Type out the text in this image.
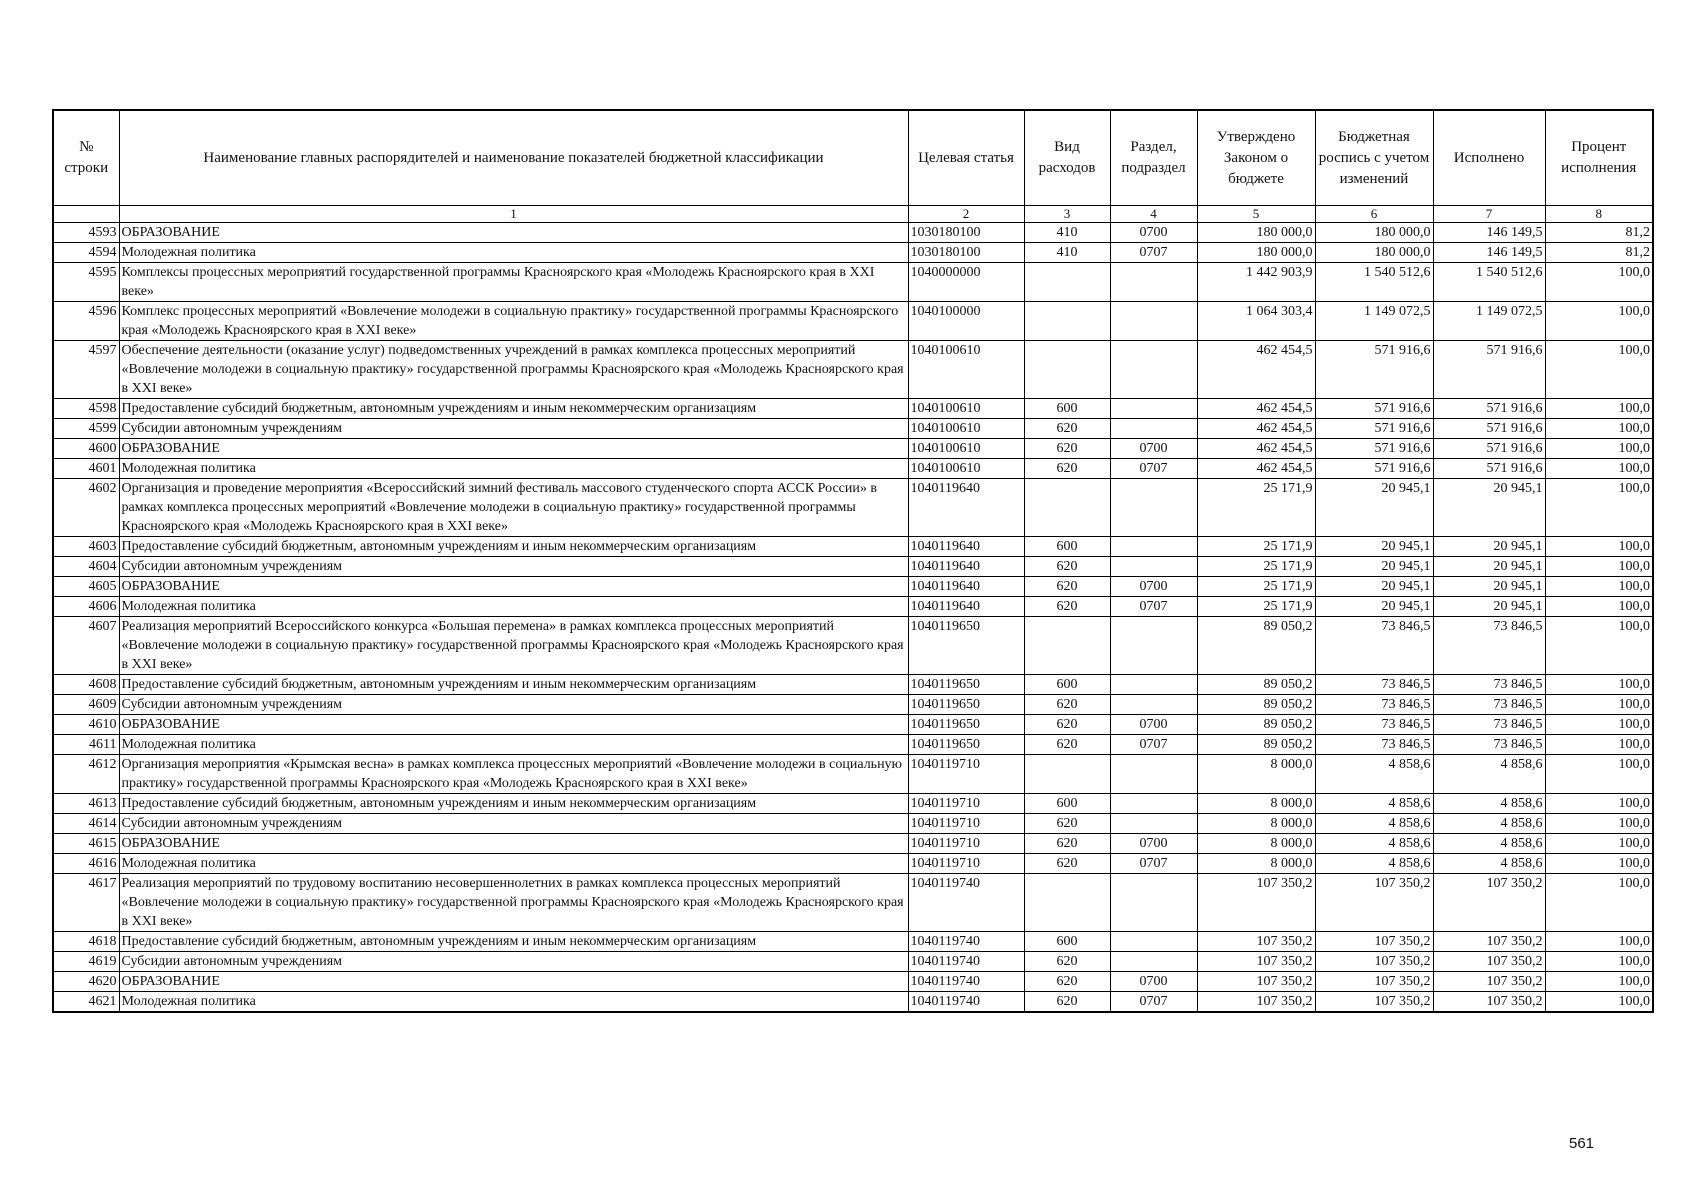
№ строки	Наименование главных распорядителей и наименование показателей бюджетной классификации	Целевая статья	Вид расходов	Раздел, подраздел	Утверждено Законом о бюджете	Бюджетная роспись с учетом изменений	Исполнено	Процент исполнения
	1	2	3	4	5	6	7	8
4593	ОБРАЗОВАНИЕ	1030180100	410	0700	180 000,0	180 000,0	146 149,5	81,2
4594	Молодежная политика	1030180100	410	0707	180 000,0	180 000,0	146 149,5	81,2
4595	Комплексы процессных мероприятий государственной программы Красноярского края «Молодежь Красноярского края в XXI веке»	1040000000			1 442 903,9	1 540 512,6	1 540 512,6	100,0
4596	Комплекс процессных мероприятий «Вовлечение молодежи в социальную практику» государственной программы Красноярского края «Молодежь Красноярского края в XXI веке»	1040100000			1 064 303,4	1 149 072,5	1 149 072,5	100,0
4597	Обеспечение деятельности (оказание услуг) подведомственных учреждений в рамках комплекса процессных мероприятий «Вовлечение молодежи в социальную практику» государственной программы Красноярского края «Молодежь Красноярского края в XXI веке»	1040100610			462 454,5	571 916,6	571 916,6	100,0
4598	Предоставление субсидий бюджетным, автономным учреждениям и иным некоммерческим организациям	1040100610	600		462 454,5	571 916,6	571 916,6	100,0
4599	Субсидии автономным учреждениям	1040100610	620		462 454,5	571 916,6	571 916,6	100,0
4600	ОБРАЗОВАНИЕ	1040100610	620	0700	462 454,5	571 916,6	571 916,6	100,0
4601	Молодежная политика	1040100610	620	0707	462 454,5	571 916,6	571 916,6	100,0
4602	Организация и проведение мероприятия «Всероссийский зимний фестиваль массового студенческого спорта АССК России» в рамках комплекса процессных мероприятий «Вовлечение молодежи в социальную практику» государственной программы Красноярского края «Молодежь Красноярского края в XXI веке»	1040119640			25 171,9	20 945,1	20 945,1	100,0
4603	Предоставление субсидий бюджетным, автономным учреждениям и иным некоммерческим организациям	1040119640	600		25 171,9	20 945,1	20 945,1	100,0
4604	Субсидии автономным учреждениям	1040119640	620		25 171,9	20 945,1	20 945,1	100,0
4605	ОБРАЗОВАНИЕ	1040119640	620	0700	25 171,9	20 945,1	20 945,1	100,0
4606	Молодежная политика	1040119640	620	0707	25 171,9	20 945,1	20 945,1	100,0
4607	Реализация мероприятий Всероссийского конкурса «Большая перемена» в рамках комплекса процессных мероприятий «Вовлечение молодежи в социальную практику» государственной программы Красноярского края «Молодежь Красноярского края в XXI веке»	1040119650			89 050,2	73 846,5	73 846,5	100,0
4608	Предоставление субсидий бюджетным, автономным учреждениям и иным некоммерческим организациям	1040119650	600		89 050,2	73 846,5	73 846,5	100,0
4609	Субсидии автономным учреждениям	1040119650	620		89 050,2	73 846,5	73 846,5	100,0
4610	ОБРАЗОВАНИЕ	1040119650	620	0700	89 050,2	73 846,5	73 846,5	100,0
4611	Молодежная политика	1040119650	620	0707	89 050,2	73 846,5	73 846,5	100,0
4612	Организация мероприятия «Крымская весна» в рамках комплекса процессных мероприятий «Вовлечение молодежи в социальную практику» государственной программы Красноярского края «Молодежь Красноярского края в XXI веке»	1040119710			8 000,0	4 858,6	4 858,6	100,0
4613	Предоставление субсидий бюджетным, автономным учреждениям и иным некоммерческим организациям	1040119710	600		8 000,0	4 858,6	4 858,6	100,0
4614	Субсидии автономным учреждениям	1040119710	620		8 000,0	4 858,6	4 858,6	100,0
4615	ОБРАЗОВАНИЕ	1040119710	620	0700	8 000,0	4 858,6	4 858,6	100,0
4616	Молодежная политика	1040119710	620	0707	8 000,0	4 858,6	4 858,6	100,0
4617	Реализация мероприятий по трудовому воспитанию несовершеннолетних в рамках комплекса процессных мероприятий «Вовлечение молодежи в социальную практику» государственной программы Красноярского края «Молодежь Красноярского края в XXI веке»	1040119740			107 350,2	107 350,2	107 350,2	100,0
4618	Предоставление субсидий бюджетным, автономным учреждениям и иным некоммерческим организациям	1040119740	600		107 350,2	107 350,2	107 350,2	100,0
4619	Субсидии автономным учреждениям	1040119740	620		107 350,2	107 350,2	107 350,2	100,0
4620	ОБРАЗОВАНИЕ	1040119740	620	0700	107 350,2	107 350,2	107 350,2	100,0
4621	Молодежная политика	1040119740	620	0707	107 350,2	107 350,2	107 350,2	100,0
561
